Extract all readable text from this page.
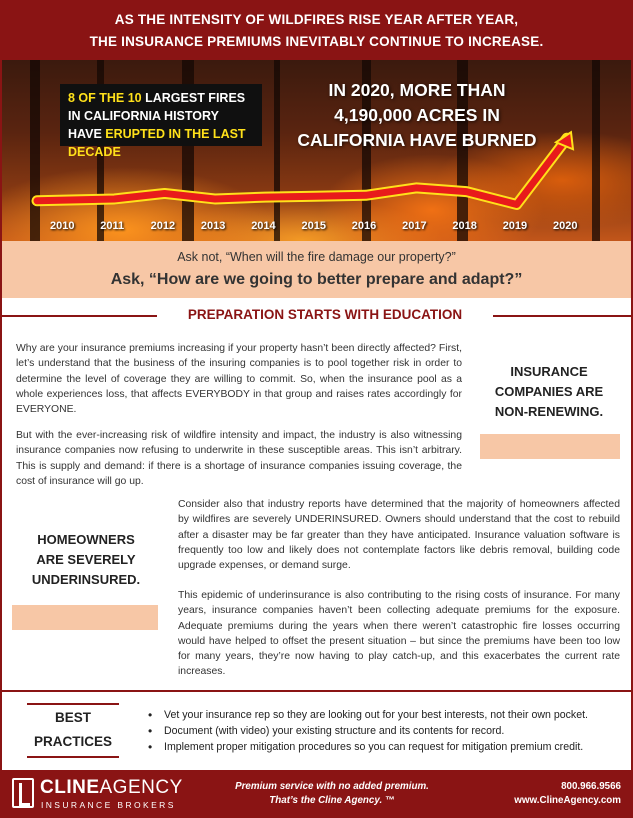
AS THE INTENSITY OF WILDFIRES RISE YEAR AFTER YEAR,
THE INSURANCE PREMIUMS INEVITABLY CONTINUE TO INCREASE.
8 OF THE 10 LARGEST FIRES IN CALIFORNIA HISTORY HAVE ERUPTED IN THE LAST DECADE
IN 2020, MORE THAN
4,190,000 ACRES IN
CALIFORNIA HAVE BURNED
2010 2011 2012 2013 2014 2015 2016 2017 2018 2019 2020
Ask not, “When will the fire damage our property?”
Ask, “How are we going to better prepare and adapt?”
PREPARATION STARTS WITH EDUCATION
Why are your insurance premiums increasing if your property hasn’t been directly affected? First, let’s understand that the business of the insuring companies is to pool together risk in order to determine the level of coverage they are willing to commit. So, when the insurance pool as a whole experiences loss, that affects EVERYBODY in that group and raises rates accordingly for EVERYONE.
But with the ever-increasing risk of wildfire intensity and impact, the industry is also witnessing insurance companies now refusing to underwrite in these susceptible areas. This isn’t arbitrary. This is supply and demand: if there is a shortage of insurance companies issuing coverage, the cost of insurance will go up.
INSURANCE
COMPANIES ARE
NON-RENEWING.
HOMEOWNERS
ARE SEVERELY
UNDERINSURED.
Consider also that industry reports have determined that the majority of homeowners affected by wildfires are severely UNDERINSURED. Owners should understand that the cost to rebuild after a disaster may be far greater than they have anticipated. Insurance valuation software is frequently too low and likely does not contemplate factors like debris removal, building code upgrade expenses, or demand surge.
This epidemic of underinsurance is also contributing to the rising costs of insurance. For many years, insurance companies haven’t been collecting adequate premiums for the exposure. Adequate premiums during the years when there weren’t catastrophic fire losses occurring would have helped to offset the present situation – but since the premiums have been too low for many years, they’re now having to play catch-up, and this exacerbates the current rate increases.
BEST
PRACTICES
• Vet your insurance rep so they are looking out for your best interests, not their own pocket.
• Document (with video) your existing structure and its contents for record.
• Implement proper mitigation procedures so you can request for mitigation premium credit.
CLINEAGENCY
INSURANCE BROKERS
Premium service with no added premium.
That’s the Cline Agency. ™
800.966.9566
www.ClineAgency.com
